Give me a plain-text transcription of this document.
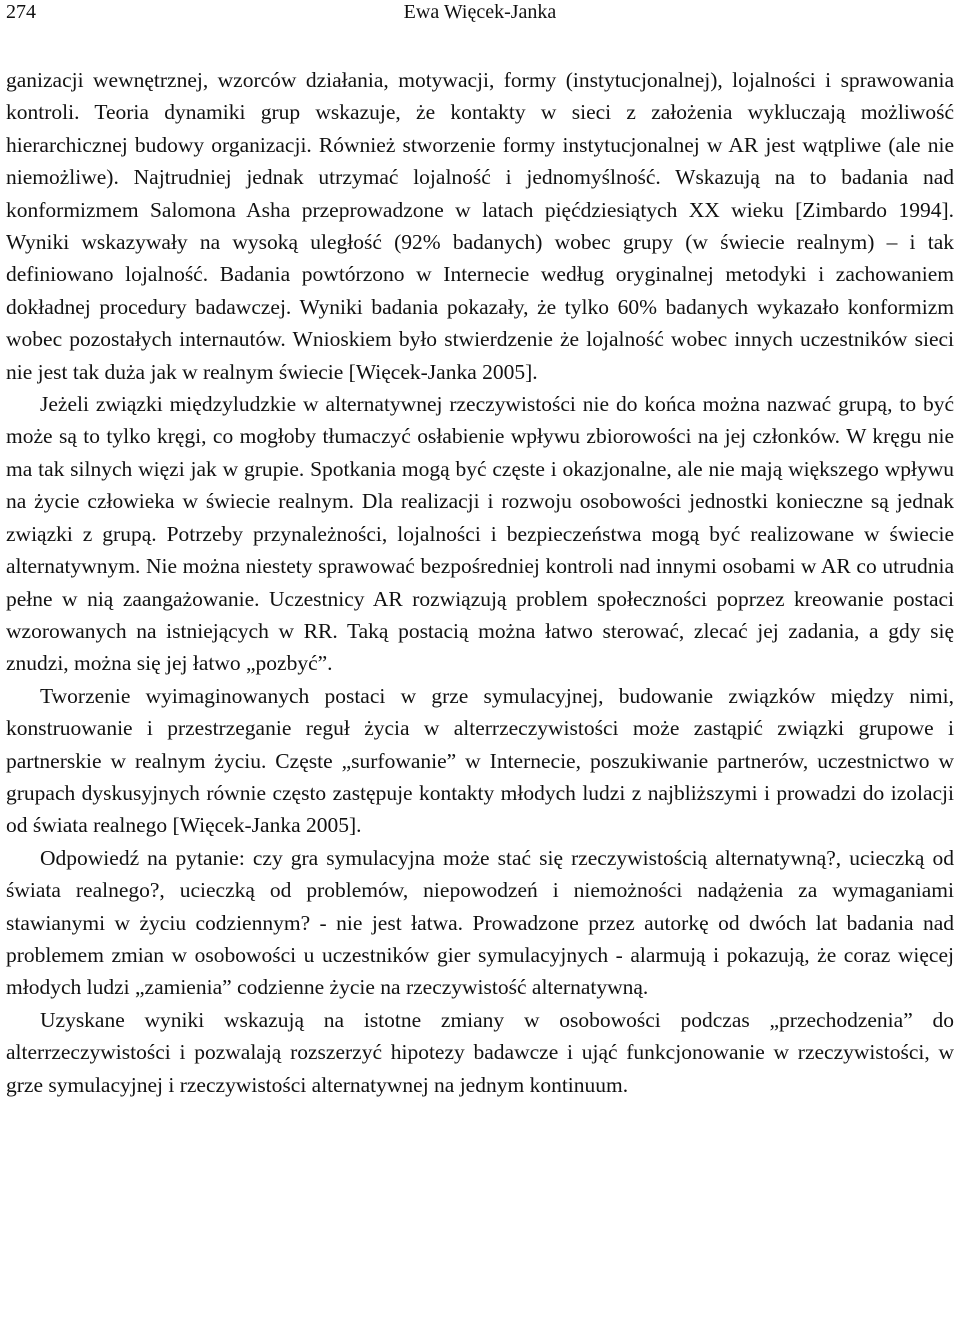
274	Ewa Więcek-Janka

ganizacji wewnętrznej, wzorców działania, motywacji, formy (instytucjonalnej), lojalności i sprawowania kontroli. Teoria dynamiki grup wskazuje, że kontakty w sieci z założenia wykluczają możliwość hierarchicznej budowy organizacji. Również stworzenie formy instytucjonalnej w AR jest wątpliwe (ale nie niemożliwe). Najtrudniej jednak utrzymać lojalność i jednomyślność. Wskazują na to badania nad konformizmem Salomona Asha przeprowadzone w latach pięćdziesiątych XX wieku [Zimbardo 1994]. Wyniki wskazywały na wysoką uległość (92% badanych) wobec grupy (w świecie realnym) – i tak definiowano lojalność. Badania powtórzono w Internecie według oryginalnej metodyki i zachowaniem dokładnej procedury badawczej. Wyniki badania pokazały, że tylko 60% badanych wykazało konformizm wobec pozostałych internautów. Wnioskiem było stwierdzenie że lojalność wobec innych uczestników sieci nie jest tak duża jak w realnym świecie [Więcek-Janka 2005].

Jeżeli związki międzyludzkie w alternatywnej rzeczywistości nie do końca można nazwać grupą, to być może są to tylko kręgi, co mogłoby tłumaczyć osłabienie wpływu zbiorowości na jej członków. W kręgu nie ma tak silnych więzi jak w grupie. Spotkania mogą być częste i okazjonalne, ale nie mają większego wpływu na życie człowieka w świecie realnym. Dla realizacji i rozwoju osobowości jednostki konieczne są jednak związki z grupą. Potrzeby przynależności, lojalności i bezpieczeństwa mogą być realizowane w świecie alternatywnym. Nie można niestety sprawować bezpośredniej kontroli nad innymi osobami w AR co utrudnia pełne w nią zaangażowanie. Uczestnicy AR rozwiązują problem społeczności poprzez kreowanie postaci wzorowanych na istniejących w RR. Taką postacią można łatwo sterować, zlecać jej zadania, a gdy się znudzi, można się jej łatwo „pozbyć”.

Tworzenie wyimaginowanych postaci w grze symulacyjnej, budowanie związków między nimi, konstruowanie i przestrzeganie reguł życia w alterrzeczywistości może zastąpić związki grupowe i partnerskie w realnym życiu. Częste „surfowanie” w Internecie, poszukiwanie partnerów, uczestnictwo w grupach dyskusyjnych równie często zastępuje kontakty młodych ludzi z najbliższymi i prowadzi do izolacji od świata realnego [Więcek-Janka 2005].

Odpowiedź na pytanie: czy gra symulacyjna może stać się rzeczywistością alternatywną?, ucieczką od świata realnego?, ucieczką od problemów, niepowodzeń i niemożności nadążenia za wymaganiami stawianymi w życiu codziennym? - nie jest łatwa. Prowadzone przez autorkę od dwóch lat badania nad problemem zmian w osobowości u uczestników gier symulacyjnych - alarmują i pokazują, że coraz więcej młodych ludzi „zamienia” codzienne życie na rzeczywistość alternatywną.

Uzyskane wyniki wskazują na istotne zmiany w osobowości podczas „przechodzenia” do alterrzeczywistości i pozwalają rozszerzyć hipotezy badawcze i ująć funkcjonowanie w rzeczywistości, w grze symulacyjnej i rzeczywistości alternatywnej na jednym kontinuum.
